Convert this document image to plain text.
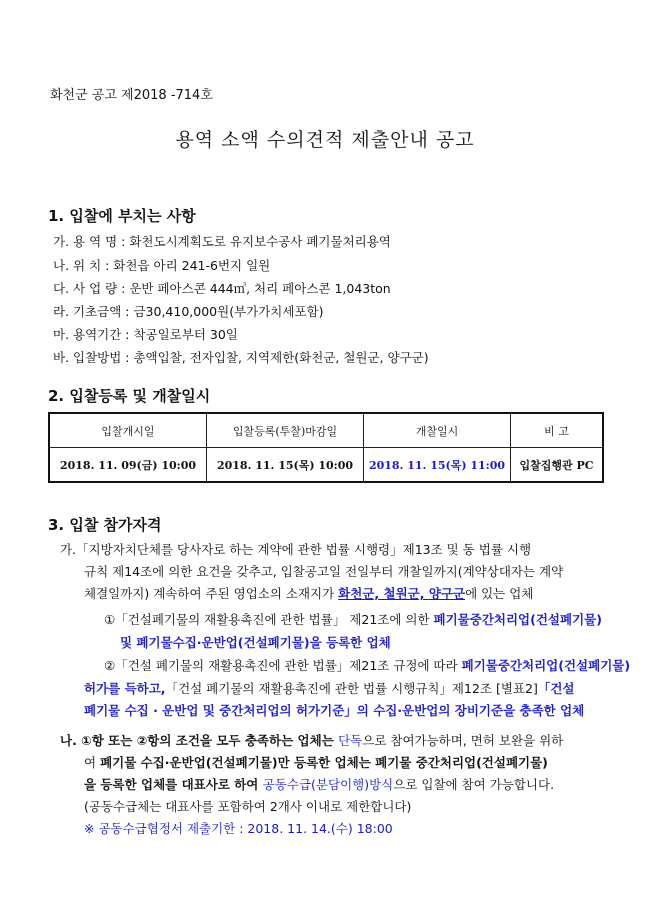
화천군 공고 제2018 -714호
용역 소액 수의견적 제출안내 공고
1. 입찰에 부치는 사항
가. 용 역 명 : 화천도시계획도로 유지보수공사 폐기물처리용역
나. 위 치 : 화천읍 아리 241-6번지 일원
다. 사 업 량 : 운반 페아스콘 444㎥, 처리 페아스콘 1,043ton
라. 기초금액 : 금30,410,000원(부가가치세포함)
마. 용역기간 : 착공일로부터 30일
바. 입찰방법 : 총액입찰, 전자입찰, 지역제한(화천군, 철원군, 양구군)
2. 입찰등록 및 개찰일시
입찰개시일	입찰등록(투찰)마감일	개찰일시	비 고
2018. 11. 09(금) 10:00	2018. 11. 15(목) 10:00	2018. 11. 15(목) 11:00	입찰집행관 PC
3. 입찰 참가자격
가.「지방자치단체를 당사자로 하는 계약에 관한 법률 시행령」제13조 및 동 법률 시행
규칙 제14조에 의한 요건을 갖추고, 입찰공고일 전일부터 개찰일까지(계약상대자는 계약
체결일까지) 계속하여 주된 영업소의 소재지가 화천군, 철원군, 양구군에 있는 업체
①「건설폐기물의 재활용촉진에 관한 법률」 제21조에 의한 폐기물중간처리업(건설폐기물)
및 폐기물수집·운반업(건설폐기물)을 등록한 업체
②「건설 폐기물의 재활용촉진에 관한 법률」제21조 규정에 따라 폐기물중간처리업(건설폐기물)
허가를 득하고,「건설 폐기물의 재활용촉진에 관한 법률 시행규칙」제12조 [별표2]「건설
폐기물 수집 · 운반업 및 중간처리업의 허가기준」의 수집·운반업의 장비기준을 충족한 업체
나. ①항 또는 ②항의 조건을 모두 충족하는 업체는 단독으로 참여가능하며, 면허 보완을 위하
여 폐기물 수집·운반업(건설폐기물)만 등록한 업체는 폐기물 중간처리업(건설폐기물)
을 등록한 업체를 대표사로 하여 공동수급(분담이행)방식으로 입찰에 참여 가능합니다.
(공동수급체는 대표사를 포함하여 2개사 이내로 제한합니다)
※ 공동수급협정서 제출기한 : 2018. 11. 14.(수) 18:00
